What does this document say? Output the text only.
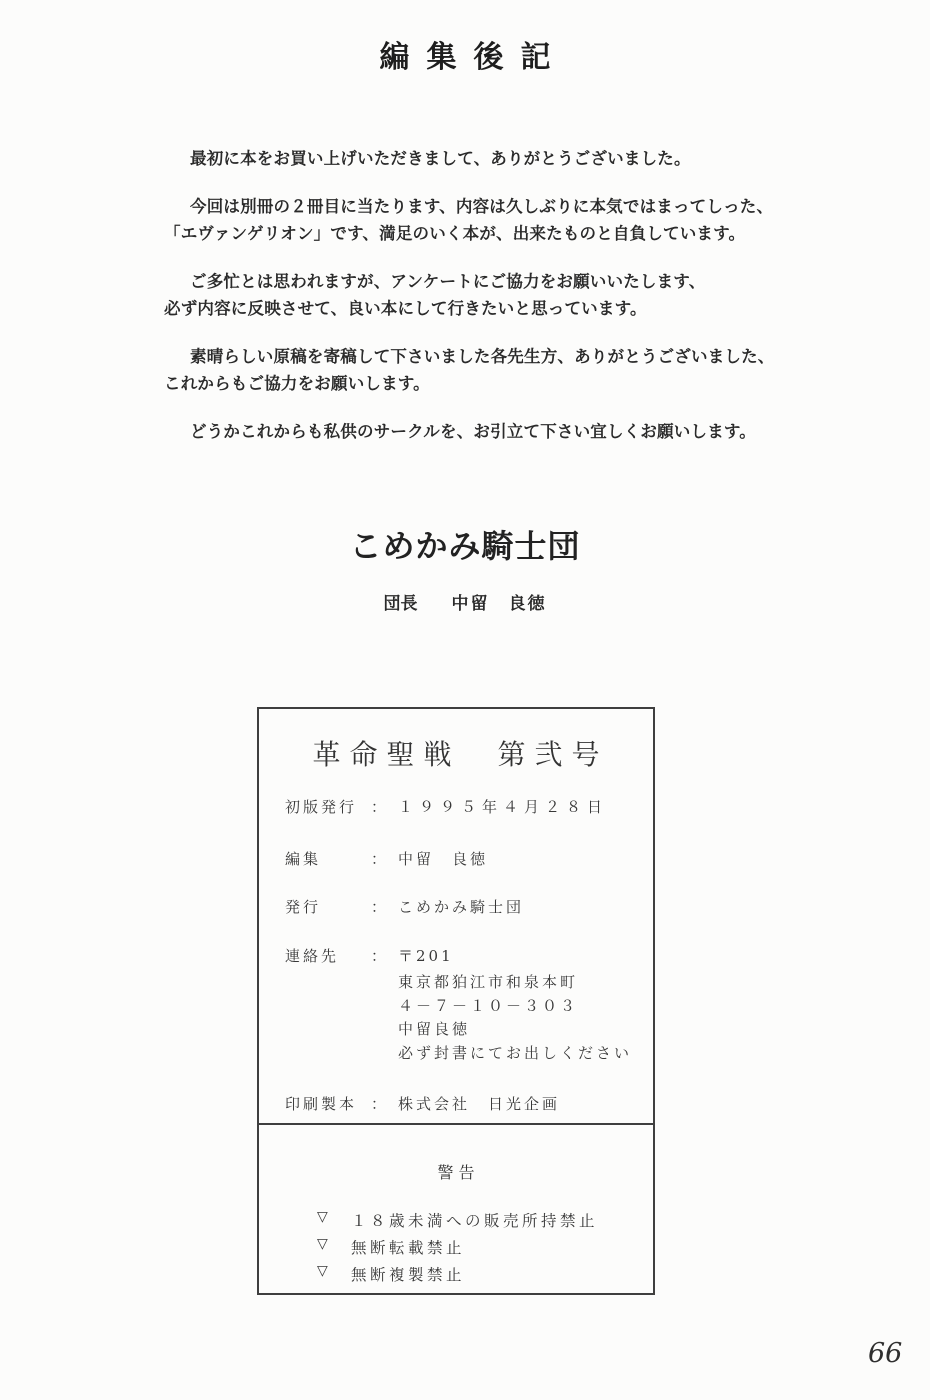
編集後記

最初に本をお買い上げいただきまして、ありがとうございました。

今回は別冊の２冊目に当たります、内容は久しぶりに本気ではまってしった、
「エヴァンゲリオン」です、満足のいく本が、出来たものと自負しています。

ご多忙とは思われますが、アンケートにご協力をお願いいたします、
必ず内容に反映させて、良い本にして行きたいと思っています。

素晴らしい原稿を寄稿して下さいました各先生方、ありがとうございました、
これからもご協力をお願いします。

どうかこれからも私供のサークルを、お引立て下さい宜しくお願いします。

こめかみ騎士団
団長 中留　良徳
革命聖戦　第弐号
初版発行 ： １９９５年４月２８日
編集	： 中留　良徳
発行	： こめかみ騎士団
連絡先	： 〒201
東京都狛江市和泉本町
４－７－１０－３０３
中留良徳
必ず封書にてお出しください
印刷製本 ： 株式会社　日光企画
警告
▽	１８歳未満への販売所持禁止
▽	無断転載禁止
▽	無断複製禁止
66
